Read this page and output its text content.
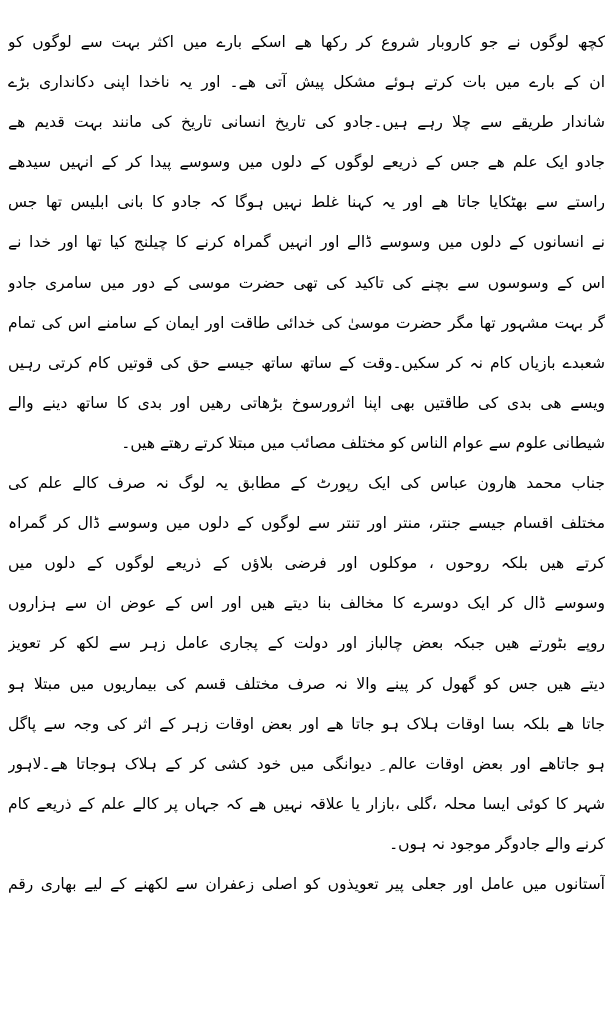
کچھ لوگوں نے جو کاروبار شروع کر رکھا ھے اسکے بارے میں اکثر بہت سے لوگوں کو
ان کے بارے میں بات کرتے ہوئے مشکل پیش آتی ھے۔ اور یہ ناخدا اپنی دکانداری بڑے
شاندار طریقے سے چلا رہے ہیں۔جادو کی تاریخ انسانی تاریخ کی مانند بہت قدیم ھے
جادو ایک علم ھے جس کے ذریعے لوگوں کے دلوں میں وسوسے پیدا کر کے انہیں سیدھے
راستے سے بھٹکایا جاتا ھے اور یہ کہنا غلط نہیں ہوگا کہ جادو کا بانی ابلیس تھا جس
نے انسانوں کے دلوں میں وسوسے ڈالے اور انہیں گمراہ کرنے کا چیلنج کیا تھا اور خدا نے
اس کے وسوسوں سے بچنے کی تاکید کی تھی حضرت موسی کے دور میں سامری جادو
گر بہت مشہور تھا مگر حضرت موسیٰ کی خدائی طاقت اور ایمان کے سامنے اس کی تمام
شعبدے بازیاں کام نہ کر سکیں۔وقت کے ساتھ ساتھ جیسے حق کی قوتیں کام کرتی رہیں
ویسے ھی بدی کی طاقتیں بھی اپنا اثرورسوخ بڑھاتی رھیں اور بدی کا ساتھ دینے والے
شیطانی علوم سے عوام الناس کو مختلف مصائب میں مبتلا کرتے رھتے ھیں۔
جناب محمد ھارون عباس کی ایک رپورٹ کے مطابق یہ لوگ نہ صرف کالے علم کی
مختلف اقسام جیسے جنتر، منتر اور تنتر سے لوگوں کے دلوں میں وسوسے ڈال کر گمراہ
کرتے ھیں بلکہ روحوں ، موکلوں اور فرضی بلاؤں کے ذریعے لوگوں کے دلوں میں
وسوسے ڈال کر ایک دوسرے کا مخالف بنا دیتے ھیں اور اس کے عوض ان سے ہزاروں
روپے بٹورتے ھیں جبکہ بعض چالباز اور دولت کے پجاری عامل زہر سے لکھ کر تعویز
دیتے ھیں جس کو گھول کر پینے والا نہ صرف مختلف قسم کی بیماریوں میں مبتلا ہو
جاتا ھے بلکہ بسا اوقات ہلاک ہو جاتا ھے اور بعض اوقات زہر کے اثر کی وجہ سے پاگل
ہو جاتاھے اور بعض اوقات عالم ِ دیوانگی میں خود کشی کر کے ہلاک ہوجاتا ھے۔لاہور
شہر کا کوئی ایسا محلہ ،گلی ،بازار یا علاقہ نہیں ھے کہ جہاں پر کالے علم کے ذریعے کام
کرنے والے جادوگر موجود نہ ہوں۔
آستانوں میں عامل اور جعلی پیر تعویذوں کو اصلی زعفران سے لکھنے کے لیے بھاری رقم
